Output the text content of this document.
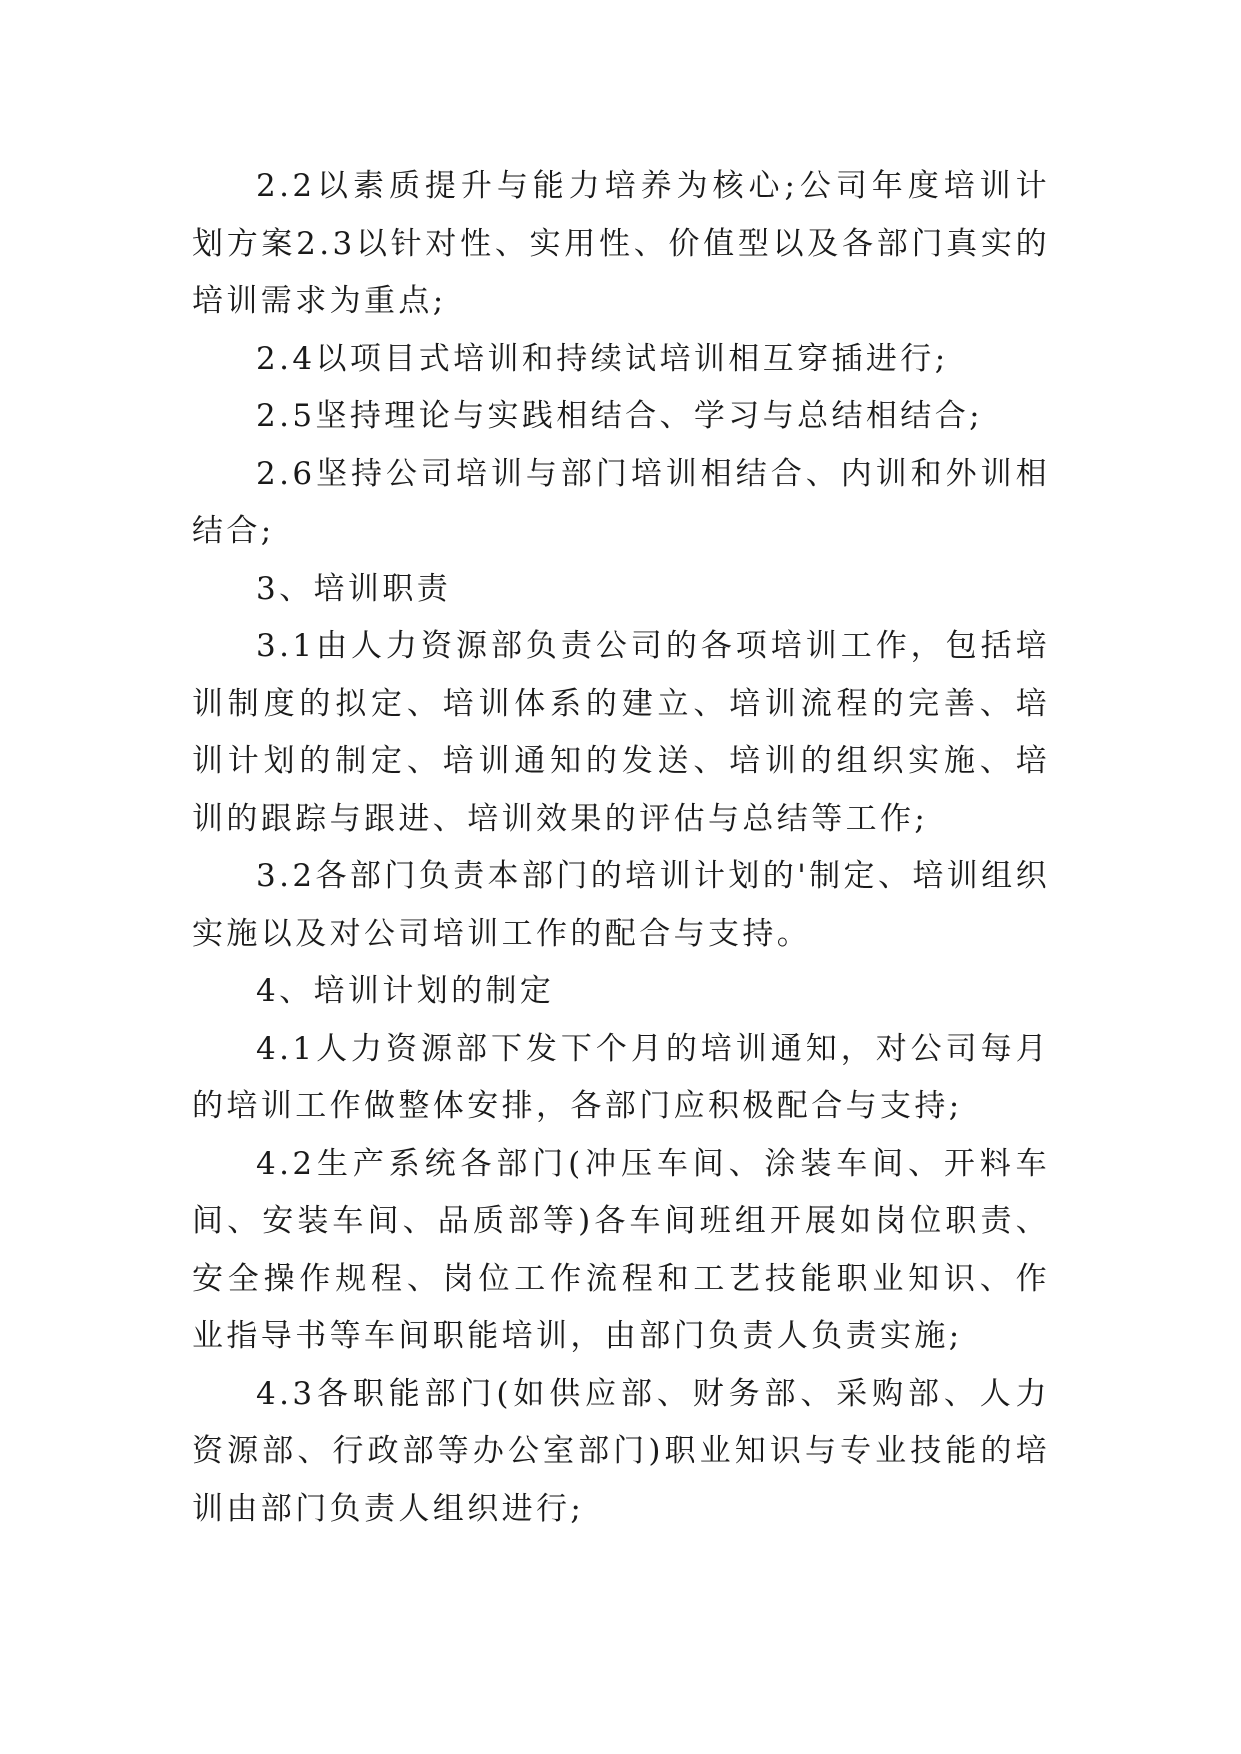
2.2以素质提升与能力培养为核心;公司年度培训计划方案2.3以针对性、实用性、价值型以及各部门真实的培训需求为重点;

2.4以项目式培训和持续试培训相互穿插进行;

2.5坚持理论与实践相结合、学习与总结相结合;

2.6坚持公司培训与部门培训相结合、内训和外训相结合;

3、培训职责

3.1由人力资源部负责公司的各项培训工作，包括培训制度的拟定、培训体系的建立、培训流程的完善、培训计划的制定、培训通知的发送、培训的组织实施、培训的跟踪与跟进、培训效果的评估与总结等工作;

3.2各部门负责本部门的培训计划的'制定、培训组织实施以及对公司培训工作的配合与支持。

4、培训计划的制定

4.1人力资源部下发下个月的培训通知，对公司每月的培训工作做整体安排，各部门应积极配合与支持;

4.2生产系统各部门(冲压车间、涂装车间、开料车间、安装车间、品质部等)各车间班组开展如岗位职责、安全操作规程、岗位工作流程和工艺技能职业知识、作业指导书等车间职能培训，由部门负责人负责实施;

4.3各职能部门(如供应部、财务部、采购部、人力资源部、行政部等办公室部门)职业知识与专业技能的培训由部门负责人组织进行;
